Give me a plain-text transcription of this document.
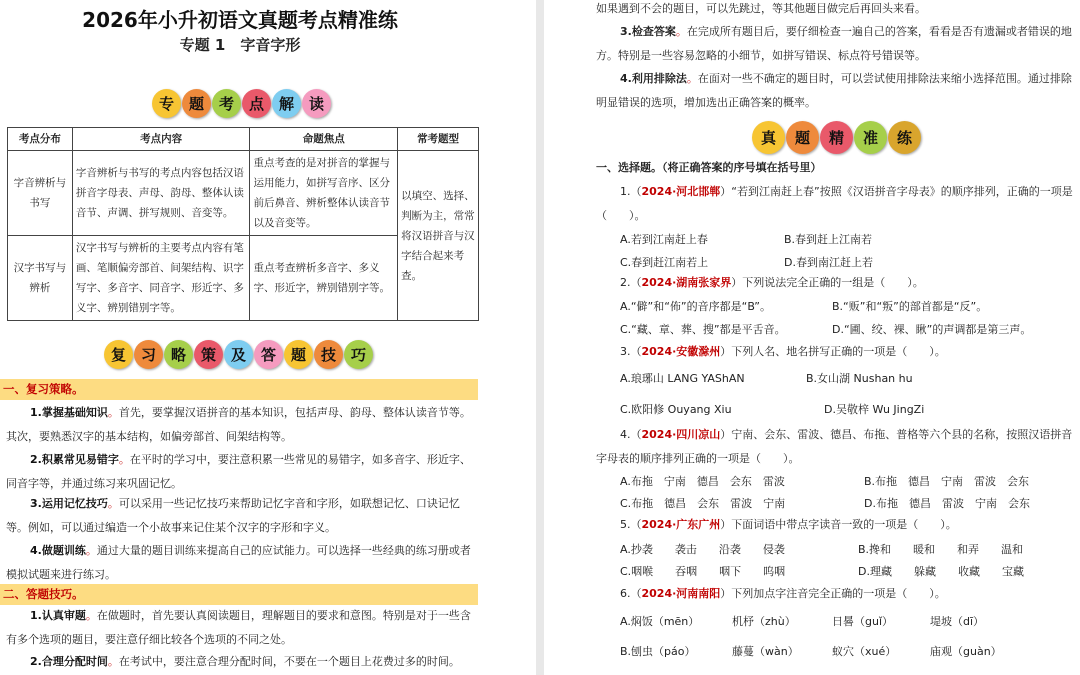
2026年小升初语文真题考点精准练
专题 1　字音字形
专 题 考 点 解 读
考点分布	考点内容	命题焦点	常考题型
字音辨析与书写	字音辨析与书写的考点内容包括汉语拼音字母表、声母、韵母、整体认读音节、声调、拼写规则、音变等。	重点考查的是对拼音的掌握与运用能力，如拼写音序、区分前后鼻音、辨析整体认读音节以及音变等。	以填空、选择、判断为主，常常将汉语拼音与汉字结合起来考查。
汉字书写与辨析	汉字书写与辨析的主要考点内容有笔画、笔顺偏旁部首、间架结构、识字写字、多音字、同音字、形近字、多义字、辨别错别字等。	重点考查辨析多音字、多义字、形近字，辨别错别字等。	
复 习 略 策 及 答 题 技 巧
一、复习策略。
1.掌握基础知识。首先，要掌握汉语拼音的基本知识，包括声母、韵母、整体认读音节等。其次，要熟悉汉字的基本结构，如偏旁部首、间架结构等。
2.积累常见易错字。在平时的学习中，要注意积累一些常见的易错字，如多音字、形近字、同音字等，并通过练习来巩固记忆。
3.运用记忆技巧。可以采用一些记忆技巧来帮助记忆字音和字形，如联想记忆、口诀记忆等。例如，可以通过编造一个小故事来记住某个汉字的字形和字义。
4.做题训练。通过大量的题目训练来提高自己的应试能力。可以选择一些经典的练习册或者模拟试题来进行练习。
二、答题技巧。
1.认真审题。在做题时，首先要认真阅读题目，理解题目的要求和意图。特别是对于一些含有多个选项的题目，要注意仔细比较各个选项的不同之处。
2.合理分配时间。在考试中，要注意合理分配时间，不要在一个题目上花费过多的时间。
如果遇到不会的题目，可以先跳过，等其他题目做完后再回头来看。
3.检查答案。在完成所有题目后，要仔细检查一遍自己的答案，看看是否有遗漏或者错误的地方。特别是一些容易忽略的小细节，如拼写错误、标点符号错误等。
4.利用排除法。在面对一些不确定的题目时，可以尝试使用排除法来缩小选择范围。通过排除明显错误的选项，增加选出正确答案的概率。
真	题	精	准	练
一、选择题。（将正确答案的序号填在括号里）
1.（2024·河北邯郸）“若到江南赶上春”按照《汉语拼音字母表》的顺序排列，正确的一项是（　　）。
A.若到江南赶上春	B.春到赶上江南若
C.春到赶江南若上	D.春到南江赶上若
2.（2024·湖南张家界）下列说法完全正确的一组是（　　）。
A.“僻”和“佈”的音序都是“B”。	B.“贩”和“叛”的部首都是“反”。
C.“藏、章、葬、搜”都是平舌音。	D.“圃、绞、裸、瞅”的声调都是第三声。
3.（2024·安徽滁州）下列人名、地名拼写正确的一项是（　　）。
A.琅琊山 LANG YAShAN	B.女山湖 Nushan hu
C.欧阳修 Ouyang Xiu	D.吴敬梓 Wu JingZi
4.（2024·四川凉山）宁南、会东、雷波、德昌、布拖、普格等六个县的名称，按照汉语拼音字母表的顺序排列正确的一项是（　　）。
A.布拖　宁南　德昌　会东　雷波	B.布拖　德昌　宁南　雷波　会东
C.布拖　德昌　会东　雷波　宁南	D.布拖　德昌　雷波　宁南　会东
5.（2024·广东广州）下面词语中带点字读音一致的一项是（　　）。
A.抄袭　　袭击　　沿袭　　侵袭	B.搀和　　暖和　　和弄　　温和
C.咽喉　　吞咽　　咽下　　呜咽	D.理藏　　躲藏　　收藏　　宝藏
6.（2024·河南南阳）下列加点字注音完全正确的一项是（　　）。
A.焖饭（mēn）	机杼（zhù）	日晷（guǐ）	堤坡（dī）
B.刨虫（páo）	藤蔓（wàn）	蚁穴（xué）	庙观（guàn）
